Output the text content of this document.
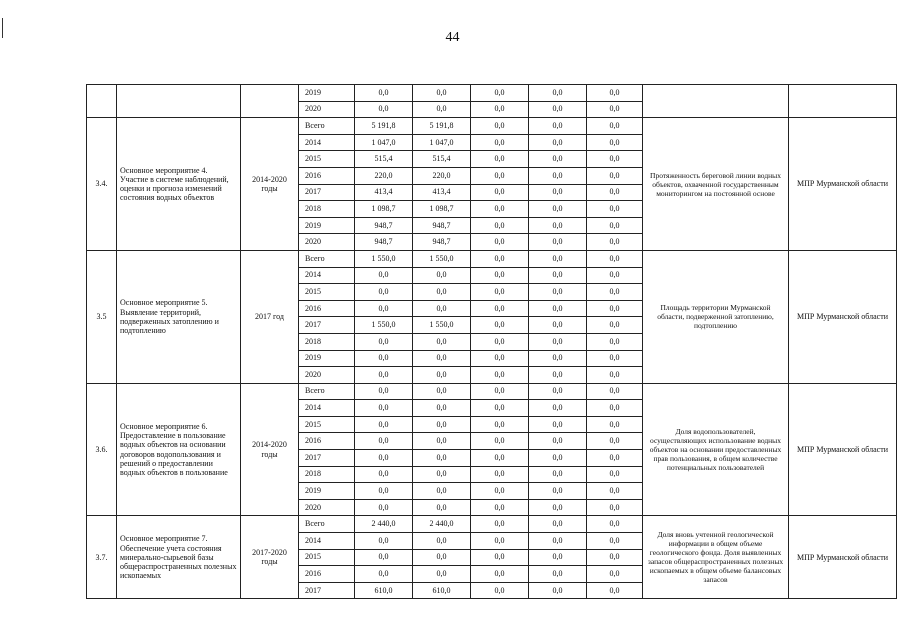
44
			2019	0,0	0,0	0,0	0,0	0,0		
			2020	0,0	0,0	0,0	0,0	0,0		
3.4.	Основное мероприятие 4. Участие в системе наблюдений, оценки и прогноза изменений состояния водных объектов	2014-2020 годы	Всего	5 191,8	5 191,8	0,0	0,0	0,0	Протяженность береговой линии водных объектов, охваченной государственным мониторингом на постоянной основе	МПР Мурманской области
			2014	1 047,0	1 047,0	0,0	0,0	0,0		
			2015	515,4	515,4	0,0	0,0	0,0		
			2016	220,0	220,0	0,0	0,0	0,0		
			2017	413,4	413,4	0,0	0,0	0,0		
			2018	1 098,7	1 098,7	0,0	0,0	0,0		
			2019	948,7	948,7	0,0	0,0	0,0		
			2020	948,7	948,7	0,0	0,0	0,0		
3.5	Основное мероприятие 5. Выявление территорий, подверженных затоплению и подтоплению	2017 год	Всего	1 550,0	1 550,0	0,0	0,0	0,0	Площадь территории Мурманской области, подверженной затоплению, подтоплению	МПР Мурманской области
			2014	0,0	0,0	0,0	0,0	0,0		
			2015	0,0	0,0	0,0	0,0	0,0		
			2016	0,0	0,0	0,0	0,0	0,0		
			2017	1 550,0	1 550,0	0,0	0,0	0,0		
			2018	0,0	0,0	0,0	0,0	0,0		
			2019	0,0	0,0	0,0	0,0	0,0		
			2020	0,0	0,0	0,0	0,0	0,0		
3.6.	Основное мероприятие 6. Предоставление в пользование водных объектов на основании договоров водопользования и решений о предоставлении водных объектов в пользование	2014-2020 годы	Всего	0,0	0,0	0,0	0,0	0,0	Доля водопользователей, осуществляющих использование водных объектов на основании предоставленных прав пользования, в общем количестве потенциальных пользователей	МПР Мурманской области
			2014	0,0	0,0	0,0	0,0	0,0		
			2015	0,0	0,0	0,0	0,0	0,0		
			2016	0,0	0,0	0,0	0,0	0,0		
			2017	0,0	0,0	0,0	0,0	0,0		
			2018	0,0	0,0	0,0	0,0	0,0		
			2019	0,0	0,0	0,0	0,0	0,0		
			2020	0,0	0,0	0,0	0,0	0,0		
3.7.	Основное мероприятие 7. Обеспечение учета состояния минерально-сырьевой базы общераспространенных полезных ископаемых	2017-2020 годы	Всего	2 440,0	2 440,0	0,0	0,0	0,0	Доля вновь учтенной геологической информации в общем объеме геологического фонда. Доля выявленных запасов общераспространенных полезных ископаемых в общем объеме балансовых запасов	МПР Мурманской области
			2014	0,0	0,0	0,0	0,0	0,0		
			2015	0,0	0,0	0,0	0,0	0,0		
			2016	0,0	0,0	0,0	0,0	0,0		
			2017	610,0	610,0	0,0	0,0	0,0		
